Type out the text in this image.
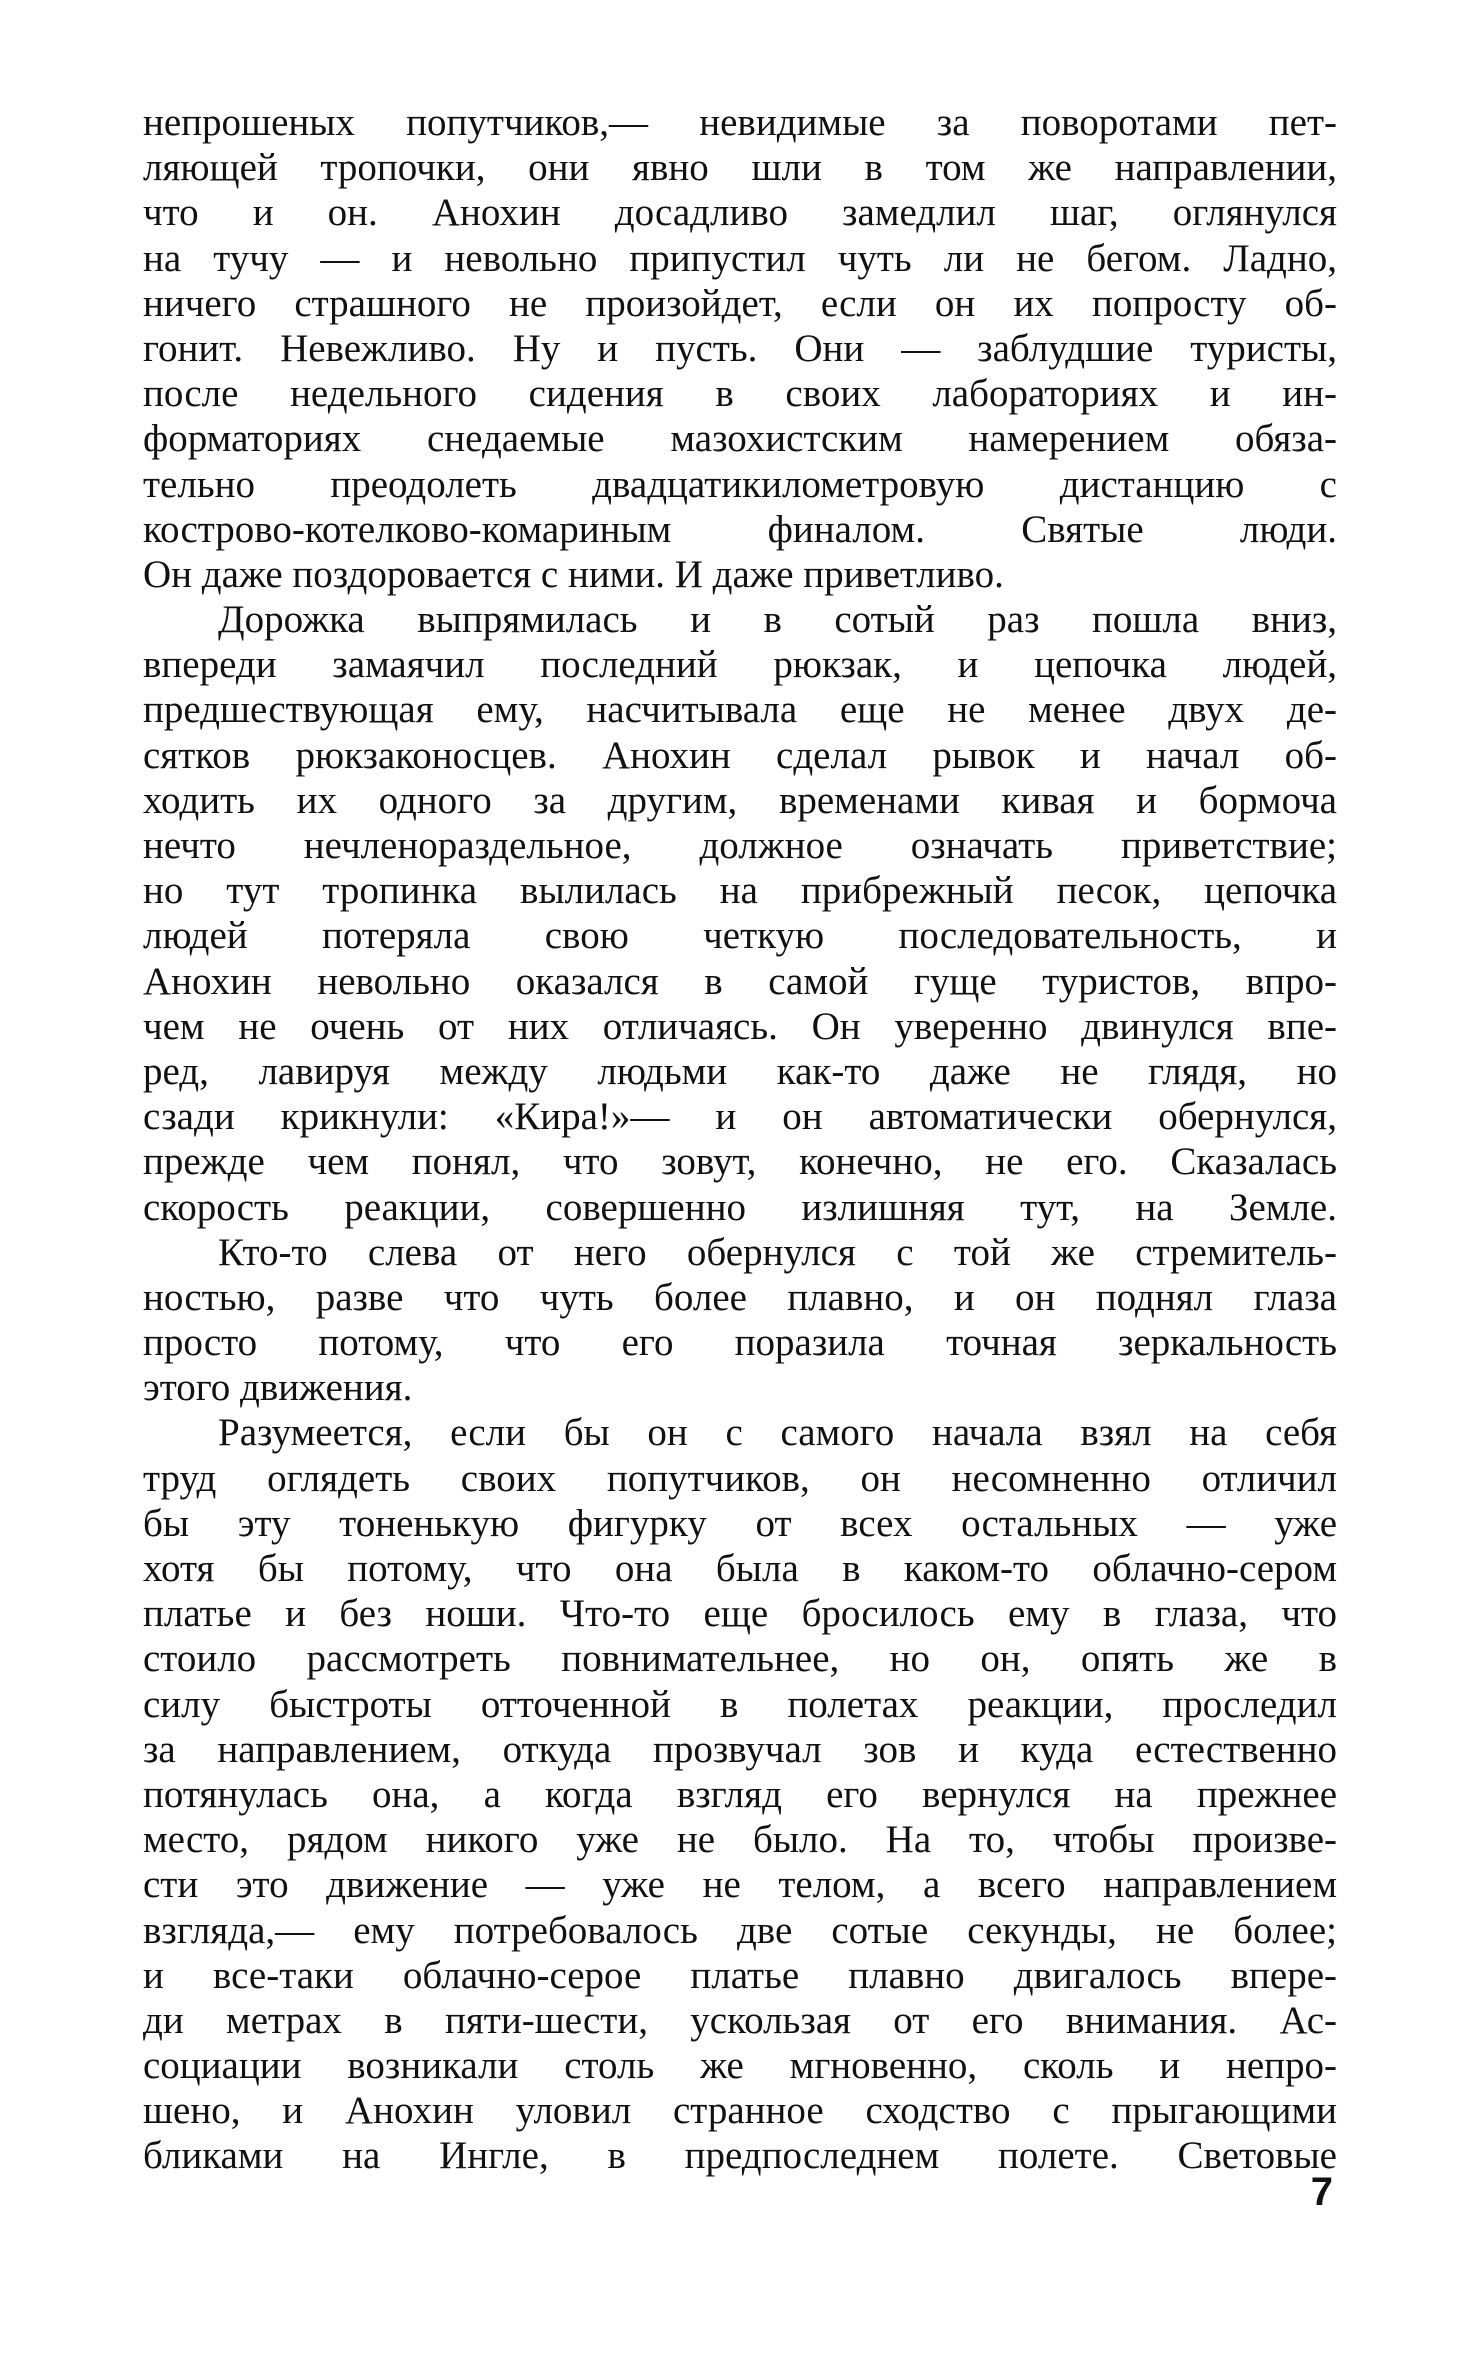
непрошеных попутчиков,— невидимые за поворотами пет-
ляющей тропочки, они явно шли в том же направлении,
что и он. Анохин досадливо замедлил шаг, оглянулся
на тучу — и невольно припустил чуть ли не бегом. Ладно,
ничего страшного не произойдет, если он их попросту об-
гонит. Невежливо. Ну и пусть. Они — заблудшие туристы,
после недельного сидения в своих лабораториях и ин-
форматориях снедаемые мазохистским намерением обяза-
тельно преодолеть двадцатикилометровую дистанцию с
кострово-котелково-комариным финалом. Святые люди.
Он даже поздоровается с ними. И даже приветливо.
Дорожка выпрямилась и в сотый раз пошла вниз,
впереди замаячил последний рюкзак, и цепочка людей,
предшествующая ему, насчитывала еще не менее двух де-
сятков рюкзаконосцев. Анохин сделал рывок и начал об-
ходить их одного за другим, временами кивая и бормоча
нечто нечленораздельное, должное означать приветствие;
но тут тропинка вылилась на прибрежный песок, цепочка
людей потеряла свою четкую последовательность, и
Анохин невольно оказался в самой гуще туристов, впро-
чем не очень от них отличаясь. Он уверенно двинулся впе-
ред, лавируя между людьми как-то даже не глядя, но
сзади крикнули: «Кира!»— и он автоматически обернулся,
прежде чем понял, что зовут, конечно, не его. Сказалась
скорость реакции, совершенно излишняя тут, на Земле.
Кто-то слева от него обернулся с той же стремитель-
ностью, разве что чуть более плавно, и он поднял глаза
просто потому, что его поразила точная зеркальность
этого движения.
Разумеется, если бы он с самого начала взял на себя
труд оглядеть своих попутчиков, он несомненно отличил
бы эту тоненькую фигурку от всех остальных — уже
хотя бы потому, что она была в каком-то облачно-сером
платье и без ноши. Что-то еще бросилось ему в глаза, что
стоило рассмотреть повнимательнее, но он, опять же в
силу быстроты отточенной в полетах реакции, проследил
за направлением, откуда прозвучал зов и куда естественно
потянулась она, а когда взгляд его вернулся на прежнее
место, рядом никого уже не было. На то, чтобы произве-
сти это движение — уже не телом, а всего направлением
взгляда,— ему потребовалось две сотые секунды, не более;
и все-таки облачно-серое платье плавно двигалось впере-
ди метрах в пяти-шести, ускользая от его внимания. Ас-
социации возникали столь же мгновенно, сколь и непро-
шено, и Анохин уловил странное сходство с прыгающими
бликами на Ингле, в предпоследнем полете. Световые
7
